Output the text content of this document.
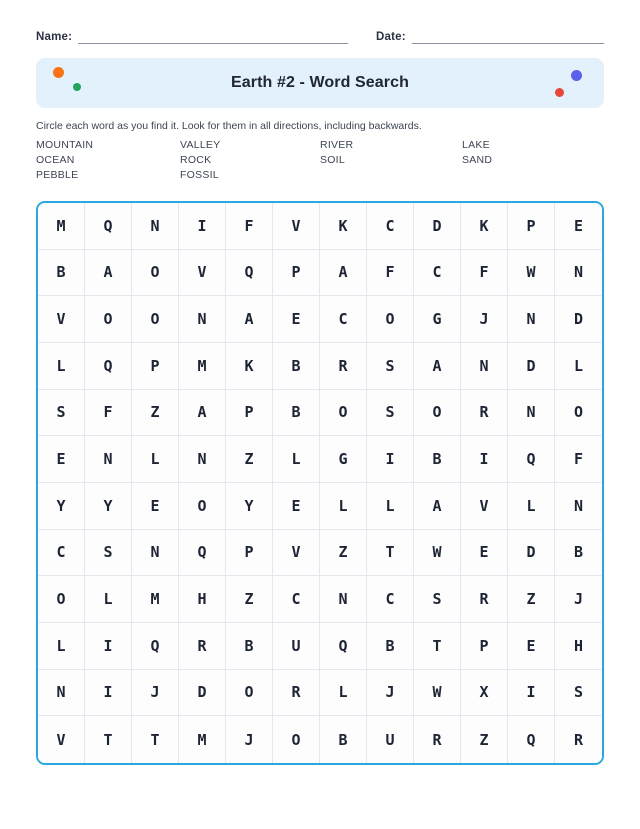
Name:	Date:
Earth #2 - Word Search
Circle each word as you find it. Look for them in all directions, including backwards.
MOUNTAIN	VALLEY	RIVER	LAKE
OCEAN	ROCK	SOIL	SAND
PEBBLE	FOSSIL
M	Q	N	I	F	V	K	C	D	K	P	E
B	A	O	V	Q	P	A	F	C	F	W	N
V	O	O	N	A	E	C	O	G	J	N	D
L	Q	P	M	K	B	R	S	A	N	D	L
S	F	Z	A	P	B	O	S	O	R	N	O
E	N	L	N	Z	L	G	I	B	I	Q	F
Y	Y	E	O	Y	E	L	L	A	V	L	N
C	S	N	Q	P	V	Z	T	W	E	D	B
O	L	M	H	Z	C	N	C	S	R	Z	J
L	I	Q	R	B	U	Q	B	T	P	E	H
N	I	J	D	O	R	L	J	W	X	I	S
V	T	T	M	J	O	B	U	R	Z	Q	R
